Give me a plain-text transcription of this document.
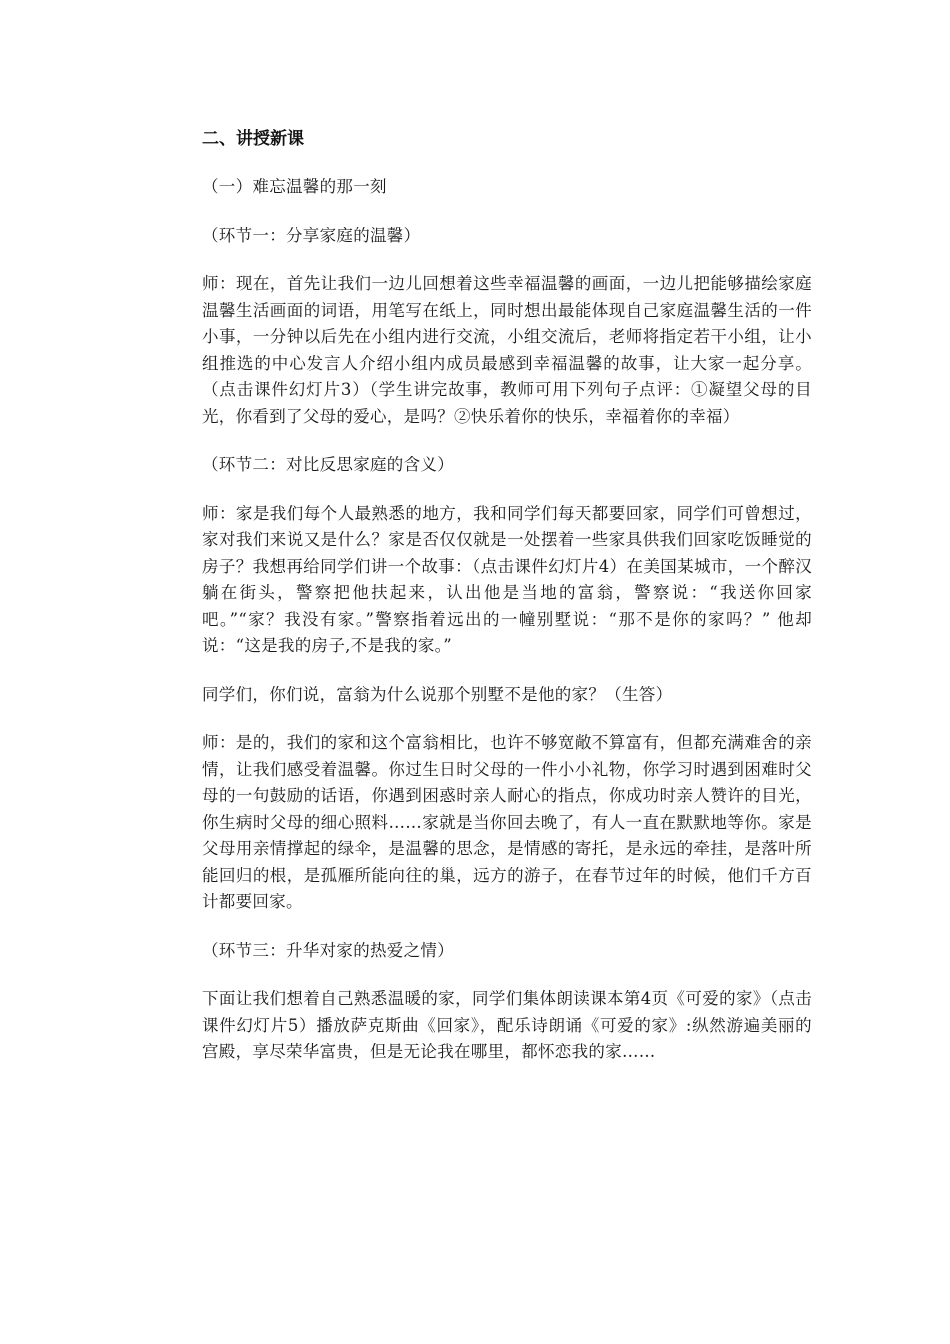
二、讲授新课

（一）难忘温馨的那一刻

（环节一：分享家庭的温馨）

师：现在，首先让我们一边儿回想着这些幸福温馨的画面，一边儿把能够描绘家庭温馨生活画面的词语，用笔写在纸上，同时想出最能体现自己家庭温馨生活的一件小事，一分钟以后先在小组内进行交流，小组交流后，老师将指定若干小组，让小组推选的中心发言人介绍小组内成员最感到幸福温馨的故事，让大家一起分享。（点击课件幻灯片3）（学生讲完故事，教师可用下列句子点评：①凝望父母的目光，你看到了父母的爱心，是吗？②快乐着你的快乐，幸福着你的幸福）

（环节二：对比反思家庭的含义）

师：家是我们每个人最熟悉的地方，我和同学们每天都要回家，同学们可曾想过，家对我们来说又是什么？家是否仅仅就是一处摆着一些家具供我们回家吃饭睡觉的房子？我想再给同学们讲一个故事：（点击课件幻灯片4）在美国某城市，一个醉汉躺在街头，警察把他扶起来，认出他是当地的富翁，警察说：“我送你回家吧。”“家？我没有家。”警察指着远出的一幢别墅说：“那不是你的家吗？” 他却说：“这是我的房子,不是我的家。”

同学们，你们说，富翁为什么说那个别墅不是他的家？（生答）

师：是的，我们的家和这个富翁相比，也许不够宽敞不算富有，但都充满难舍的亲情，让我们感受着温馨。你过生日时父母的一件小小礼物，你学习时遇到困难时父母的一句鼓励的话语，你遇到困惑时亲人耐心的指点，你成功时亲人赞许的目光，你生病时父母的细心照料……家就是当你回去晚了，有人一直在默默地等你。家是父母用亲情撑起的绿伞，是温馨的思念，是情感的寄托，是永远的牵挂，是落叶所能回归的根，是孤雁所能向往的巢，远方的游子，在春节过年的时候，他们千方百计都要回家。

（环节三：升华对家的热爱之情）

下面让我们想着自己熟悉温暖的家，同学们集体朗读课本第4页《可爱的家》（点击课件幻灯片5）播放萨克斯曲《回家》，配乐诗朗诵《可爱的家》:纵然游遍美丽的宫殿，享尽荣华富贵，但是无论我在哪里，都怀恋我的家……
